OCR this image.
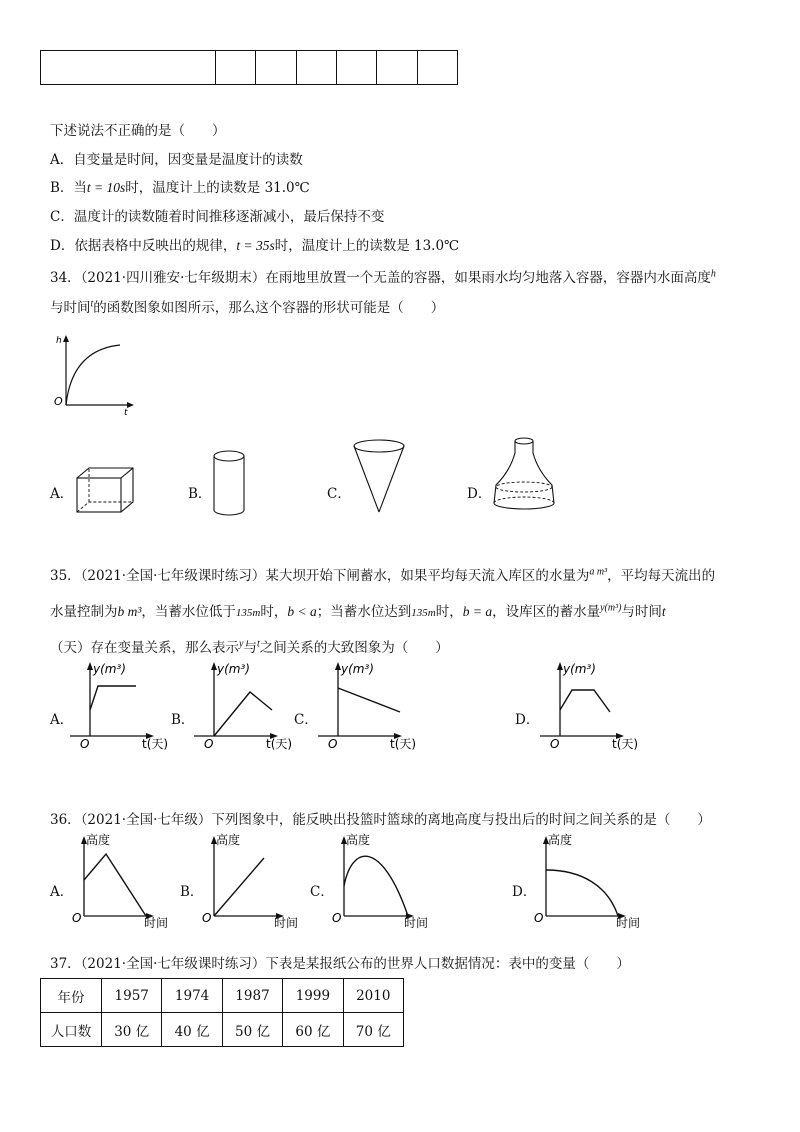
下述说法不正确的是（　　）
A．自变量是时间，因变量是温度计的读数
B．当t = 10s时，温度计上的读数是 31.0℃
C．温度计的读数随着时间推移逐渐减小，最后保持不变
D．依据表格中反映出的规律，t = 35s时，温度计上的读数是 13.0℃
34．（2021·四川雅安·七年级期末）在雨地里放置一个无盖的容器，如果雨水均匀地落入容器，容器内水面高度$^h$
与时间$^t$的函数图象如图所示，那么这个容器的形状可能是（　　）
h
t
O
A．	B．	C．	D．
35．（2021·全国·七年级课时练习）某大坝开始下闸蓄水，如果平均每天流入库区的水量为$^{a m^3}$，平均每天流出的
水量控制为b m³，当蓄水位低于135m时，b < a；当蓄水位达到135m时，b = a，设库区的蓄水量$^{y(m^3)}$与时间t
（天）存在变量关系，那么表示$^y$与$^t$之间关系的大致图象为（　　）
A．
y(m³)
t(天)
O
B．
y(m³)
t(天)
O
C．
y(m³)
t(天)
O
D．
y(m³)
t(天)
O
36．（2021·全国·七年级）下列图象中，能反映出投篮时篮球的离地高度与投出后的时间之间关系的是（　　）
A．
高度
时间
O
B．
高度
时间
O
C．
高度
时间
O
D．
高度
时间
O
37．（2021·全国·七年级课时练习）下表是某报纸公布的世界人口数据情况：表中的变量（　　）
年份	1957	1974	1987	1999	2010
人口数	30 亿	40 亿	50 亿	60 亿	70 亿
